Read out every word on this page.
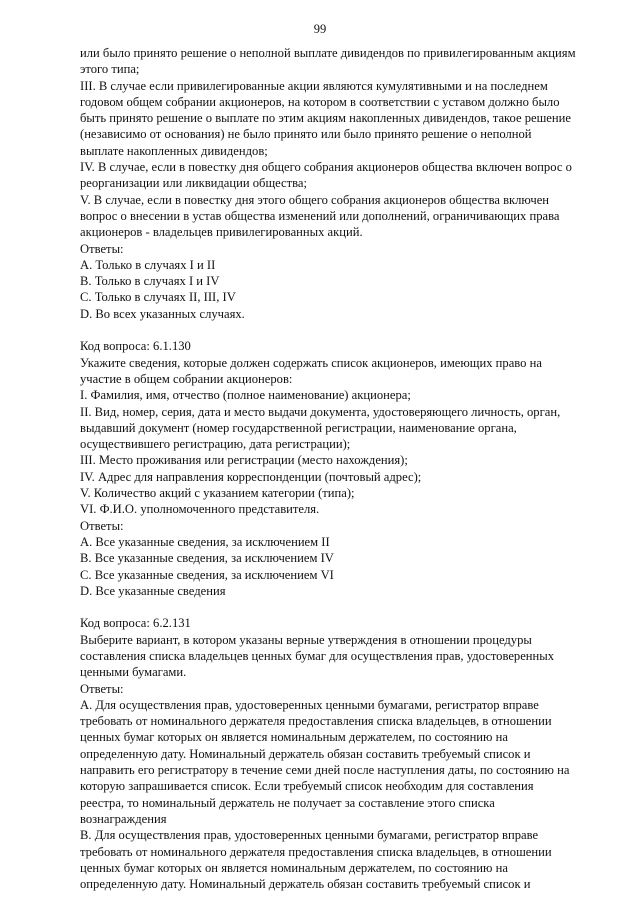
99
или было принято решение о неполной выплате дивидендов по привилегированным акциям
этого типа;
III. В случае если привилегированные акции являются кумулятивными и на последнем
годовом общем собрании акционеров, на котором в соответствии с уставом должно было
быть принято решение о выплате по этим акциям накопленных дивидендов, такое решение
(независимо от основания) не было принято или было принято решение о неполной
выплате накопленных дивидендов;
IV. В случае, если в повестку дня общего собрания акционеров общества включен вопрос о
реорганизации или ликвидации общества;
V. В случае, если в повестку дня этого общего собрания акционеров общества включен
вопрос о внесении в устав общества изменений или дополнений, ограничивающих права
акционеров - владельцев привилегированных акций.
Ответы:
A. Только в случаях I и II
B. Только в случаях I и IV
C. Только в случаях II, III, IV
D. Во всех указанных случаях.
Код вопроса: 6.1.130
Укажите сведения, которые должен содержать список акционеров, имеющих право на
участие в общем собрании акционеров:
I. Фамилия, имя, отчество (полное наименование) акционера;
II. Вид, номер, серия, дата и место выдачи документа, удостоверяющего личность, орган,
выдавший документ (номер государственной регистрации, наименование органа,
осуществившего регистрацию, дата регистрации);
III. Место проживания или регистрации (место нахождения);
IV. Адрес для направления корреспонденции (почтовый адрес);
V. Количество акций с указанием категории (типа);
VI. Ф.И.О. уполномоченного представителя.
Ответы:
A. Все указанные сведения, за исключением II
B. Все указанные сведения, за исключением IV
C. Все указанные сведения, за исключением VI
D. Все указанные сведения
Код вопроса: 6.2.131
Выберите вариант, в котором указаны верные утверждения в отношении процедуры
составления списка владельцев ценных бумаг для осуществления прав, удостоверенных
ценными бумагами.
Ответы:
A. Для осуществления прав, удостоверенных ценными бумагами, регистратор вправе
требовать от номинального держателя предоставления списка владельцев, в отношении
ценных бумаг которых он является номинальным держателем, по состоянию на
определенную дату. Номинальный держатель обязан составить требуемый список и
направить его регистратору в течение семи дней после наступления даты, по состоянию на
которую запрашивается список. Если требуемый список необходим для составления
реестра, то номинальный держатель не получает за составление этого списка
вознаграждения
B. Для осуществления прав, удостоверенных ценными бумагами, регистратор вправе
требовать от номинального держателя предоставления списка владельцев, в отношении
ценных бумаг которых он является номинальным держателем, по состоянию на
определенную дату. Номинальный держатель обязан составить требуемый список и
